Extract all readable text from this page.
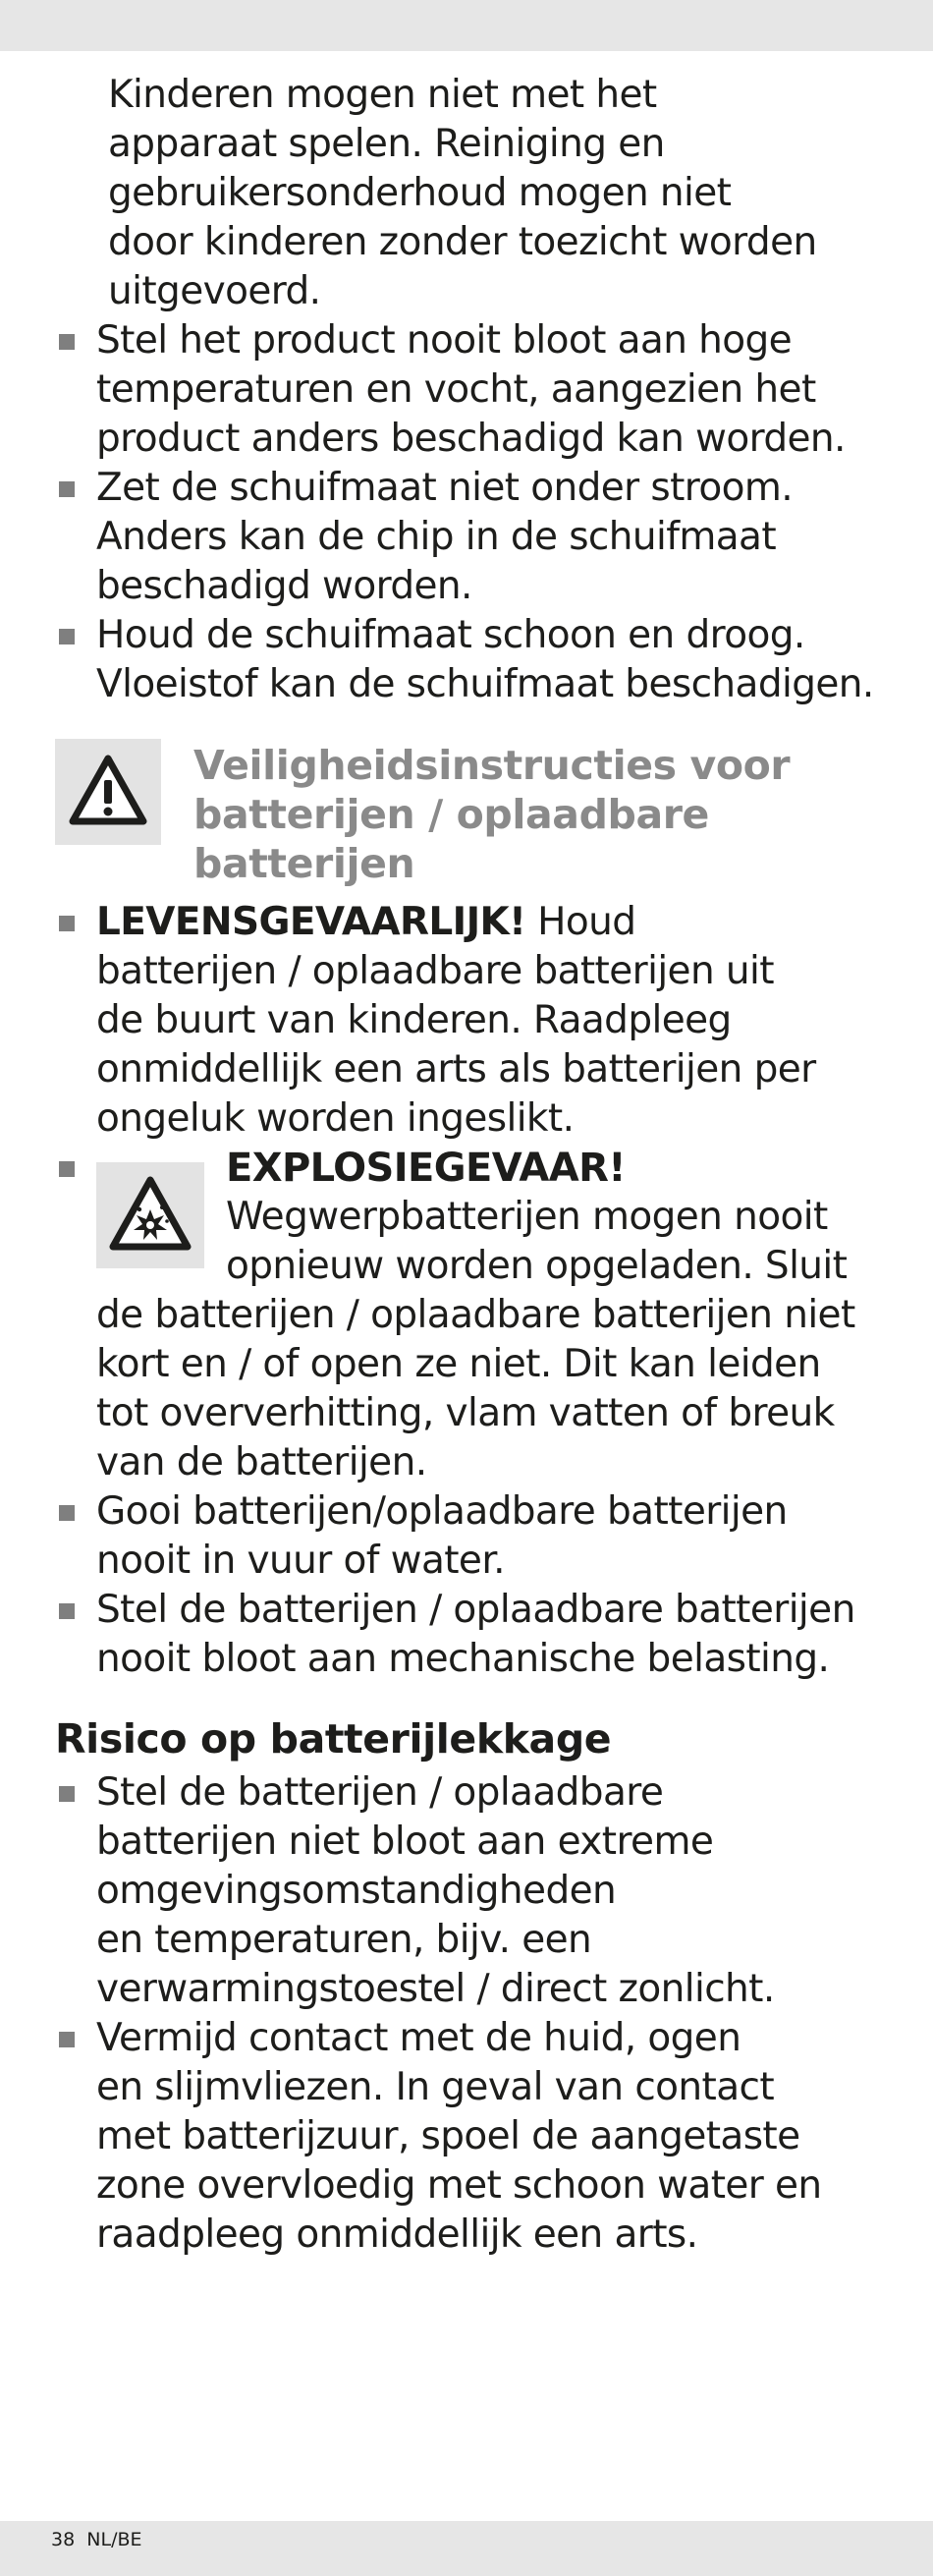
Kinderen mogen niet met het

apparaat spelen. Reiniging en

gebruikersonderhoud mogen niet

door kinderen zonder toezicht worden

uitgevoerd.

Stel het product nooit bloot aan hoge

temperaturen en vocht, aangezien het

product anders beschadigd kan worden.

Zet de schuifmaat niet onder stroom.

Anders kan de chip in de schuifmaat

beschadigd worden.

Houd de schuifmaat schoon en droog.

Vloeistof kan de schuifmaat beschadigen.

Veiligheidsinstructies voor
batterijen / oplaadbare
batterijen

LEVENSGEVAARLIJK! Houd

batterijen / oplaadbare batterijen uit

de buurt van kinderen. Raadpleeg

onmiddellijk een arts als batterijen per

ongeluk worden ingeslikt.

EXPLOSIEGEVAAR!

Wegwerpbatterijen mogen nooit

opnieuw worden opgeladen. Sluit

de batterijen / oplaadbare batterijen niet

kort en / of open ze niet. Dit kan leiden

tot oververhitting, vlam vatten of breuk

van de batterijen.

Gooi batterijen/oplaadbare batterijen

nooit in vuur of water.

Stel de batterijen / oplaadbare batterijen

nooit bloot aan mechanische belasting.

Risico op batterijlekkage

Stel de batterijen / oplaadbare

batterijen niet bloot aan extreme

omgevingsomstandigheden

en temperaturen, bijv. een

verwarmingstoestel / direct zonlicht.

Vermijd contact met de huid, ogen

en slijmvliezen. In geval van contact

met batterijzuur, spoel de aangetaste

zone overvloedig met schoon water en

raadpleeg onmiddellijk een arts.

38 NL/BE
